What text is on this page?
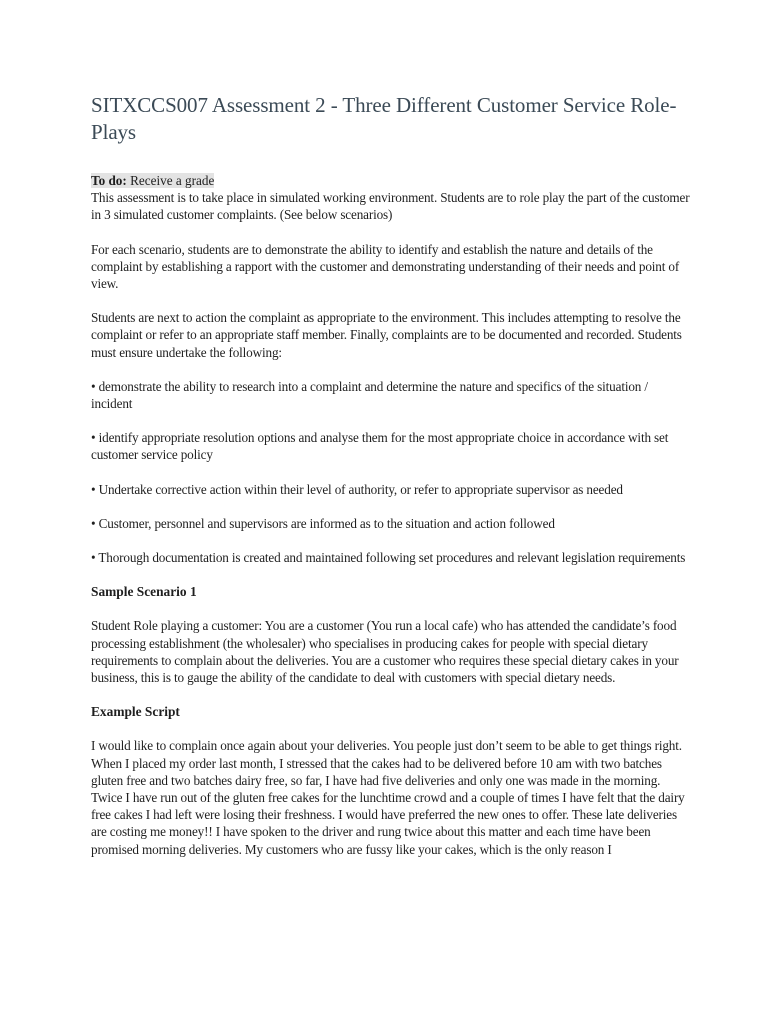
SITXCCS007 Assessment 2 - Three Different Customer Service Role-Plays
To do: Receive a grade

This assessment is to take place in simulated working environment. Students are to role play the part of the customer in 3 simulated customer complaints. (See below scenarios)

For each scenario, students are to demonstrate the ability to identify and establish the nature and details of the complaint by establishing a rapport with the customer and demonstrating understanding of their needs and point of view.

Students are next to action the complaint as appropriate to the environment. This includes attempting to resolve the complaint or refer to an appropriate staff member. Finally, complaints are to be documented and recorded. Students must ensure undertake the following:

• demonstrate the ability to research into a complaint and determine the nature and specifics of the situation / incident

• identify appropriate resolution options and analyse them for the most appropriate choice in accordance with set customer service policy

• Undertake corrective action within their level of authority, or refer to appropriate supervisor as needed

• Customer, personnel and supervisors are informed as to the situation and action followed

• Thorough documentation is created and maintained following set procedures and relevant legislation requirements

Sample Scenario 1

Student Role playing a customer: You are a customer (You run a local cafe) who has attended the candidate’s food processing establishment (the wholesaler) who specialises in producing cakes for people with special dietary requirements to complain about the deliveries. You are a customer who requires these special dietary cakes in your business, this is to gauge the ability of the candidate to deal with customers with special dietary needs.

Example Script

I would like to complain once again about your deliveries. You people just don’t seem to be able to get things right. When I placed my order last month, I stressed that the cakes had to be delivered before 10 am with two batches gluten free and two batches dairy free, so far, I have had five deliveries and only one was made in the morning. Twice I have run out of the gluten free cakes for the lunchtime crowd and a couple of times I have felt that the dairy free cakes I had left were losing their freshness. I would have preferred the new ones to offer. These late deliveries are costing me money!! I have spoken to the driver and rung twice about this matter and each time have been promised morning deliveries. My customers who are fussy like your cakes, which is the only reason I
